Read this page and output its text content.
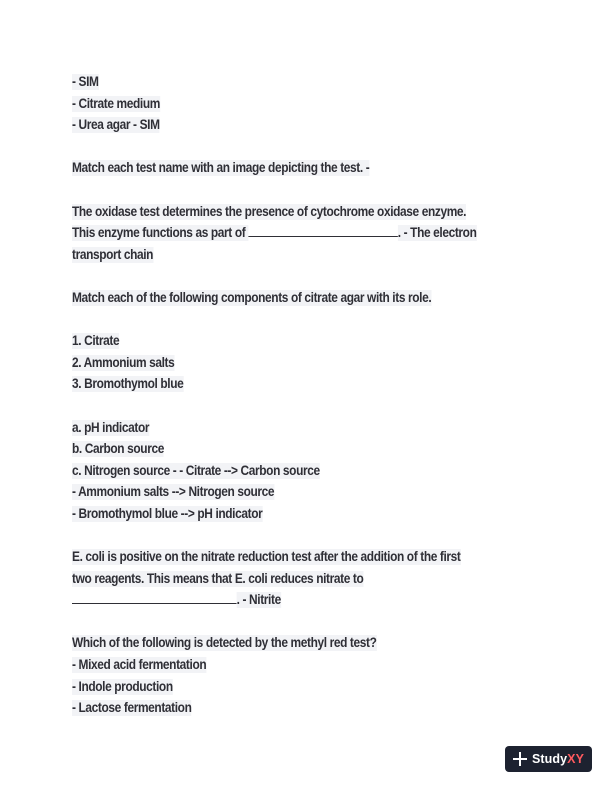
- SIM
- Citrate medium
- Urea agar - SIM
Match each test name with an image depicting the test. -
The oxidase test determines the presence of cytochrome oxidase enzyme.
This enzyme functions as part of	. - The electron
transport chain
Match each of the following components of citrate agar with its role.
1. Citrate
2. Ammonium salts
3. Bromothymol blue
a. pH indicator
b. Carbon source
c. Nitrogen source - - Citrate --> Carbon source
- Ammonium salts --> Nitrogen source
- Bromothymol blue --> pH indicator
E. coli is positive on the nitrate reduction test after the addition of the first
two reagents. This means that E. coli reduces nitrate to
. - Nitrite
Which of the following is detected by the methyl red test?
- Mixed acid fermentation
- Indole production
- Lactose fermentation
StudyXY
